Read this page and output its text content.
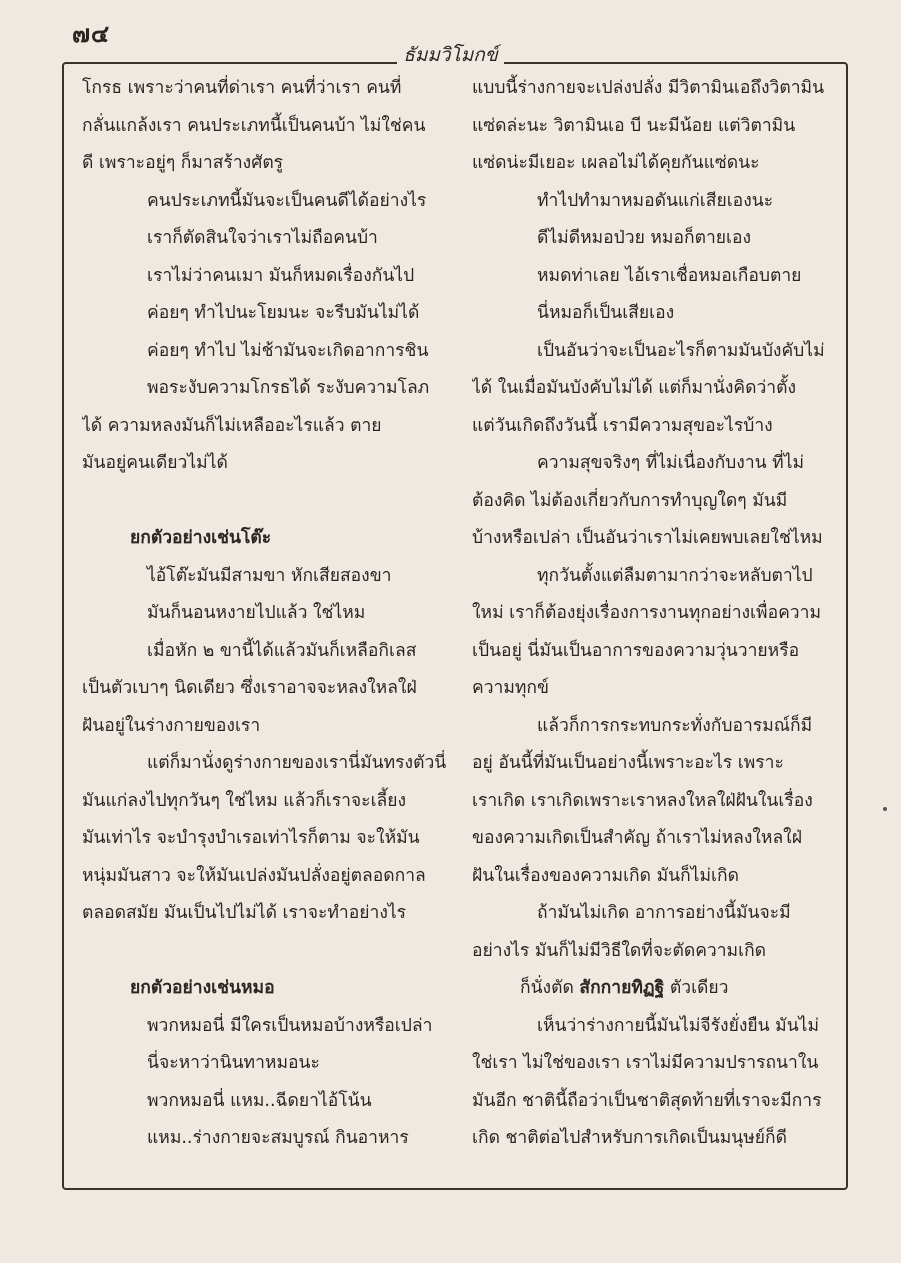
๗๔
ธัมมวิโมกข์
โกรธ เพราะว่าคนที่ด่าเรา คนที่ว่าเรา คนที่
กลั่นแกล้งเรา คนประเภทนี้เป็นคนบ้า ไม่ใช่คน
ดี เพราะอยู่ๆ ก็มาสร้างศัตรู
คนประเภทนี้มันจะเป็นคนดีได้อย่างไร
เราก็ตัดสินใจว่าเราไม่ถือคนบ้า
เราไม่ว่าคนเมา มันก็หมดเรื่องกันไป
ค่อยๆ ทำไปนะโยมนะ จะรีบมันไม่ได้
ค่อยๆ ทำไป ไม่ช้ามันจะเกิดอาการชิน
พอระงับความโกรธได้ ระงับความโลภ
ได้ ความหลงมันก็ไม่เหลืออะไรแล้ว ตาย
มันอยู่คนเดียวไม่ได้
ยกตัวอย่างเช่นโต๊ะ
ไอ้โต๊ะมันมีสามขา หักเสียสองขา
มันก็นอนหงายไปแล้ว ใช่ไหม
เมื่อหัก ๒ ขานี้ได้แล้วมันก็เหลือกิเลส
เป็นตัวเบาๆ นิดเดียว ซึ่งเราอาจจะหลงใหลใฝ่
ฝันอยู่ในร่างกายของเรา
แต่ก็มานั่งดูร่างกายของเรานี่มันทรงตัวนี่
มันแก่ลงไปทุกวันๆ ใช่ไหม แล้วก็เราจะเลี้ยง
มันเท่าไร จะบำรุงบำเรอเท่าไรก็ตาม จะให้มัน
หนุ่มมันสาว จะให้มันเปล่งมันปลั่งอยู่ตลอดกาล
ตลอดสมัย มันเป็นไปไม่ได้ เราจะทำอย่างไร
ยกตัวอย่างเช่นหมอ
พวกหมอนี่ มีใครเป็นหมอบ้างหรือเปล่า
นี่จะหาว่านินทาหมอนะ
พวกหมอนี่ แหม..ฉีดยาไอ้โน้น
แหม..ร่างกายจะสมบูรณ์ กินอาหาร
แบบนี้ร่างกายจะเปล่งปลั่ง มีวิตามินเอถึงวิตามิน
แซ่ดล่ะนะ วิตามินเอ บี นะมีน้อย แต่วิตามิน
แซ่ดน่ะมีเยอะ เผลอไม่ได้คุยกันแซ่ดนะ
ทำไปทำมาหมอดันแก่เสียเองนะ
ดีไม่ดีหมอป่วย หมอก็ตายเอง
หมดท่าเลย ไอ้เราเชื่อหมอเกือบตาย
นี่หมอก็เป็นเสียเอง
เป็นอันว่าจะเป็นอะไรก็ตามมันบังคับไม่
ได้ ในเมื่อมันบังคับไม่ได้ แต่ก็มานั่งคิดว่าตั้ง
แต่วันเกิดถึงวันนี้ เรามีความสุขอะไรบ้าง
ความสุขจริงๆ ที่ไม่เนื่องกับงาน ที่ไม่
ต้องคิด ไม่ต้องเกี่ยวกับการทำบุญใดๆ มันมี
บ้างหรือเปล่า เป็นอันว่าเราไม่เคยพบเลยใช่ไหม
ทุกวันตั้งแต่ลืมตามากว่าจะหลับตาไป
ใหม่ เราก็ต้องยุ่งเรื่องการงานทุกอย่างเพื่อความ
เป็นอยู่ นี่มันเป็นอาการของความวุ่นวายหรือ
ความทุกข์
แล้วก็การกระทบกระทั่งกับอารมณ์ก็มี
อยู่ อันนี้ที่มันเป็นอย่างนี้เพราะอะไร เพราะ
เราเกิด เราเกิดเพราะเราหลงใหลใฝ่ฝันในเรื่อง
ของความเกิดเป็นสำคัญ ถ้าเราไม่หลงใหลใฝ่
ฝันในเรื่องของความเกิด มันก็ไม่เกิด
ถ้ามันไม่เกิด อาการอย่างนี้มันจะมี
อย่างไร มันก็ไม่มีวิธีใดที่จะตัดความเกิด
ก็นั่งตัด สักกายทิฏฐิ ตัวเดียว
เห็นว่าร่างกายนี้มันไม่จีรังยั่งยืน มันไม่
ใช่เรา ไม่ใช่ของเรา เราไม่มีความปรารถนาใน
มันอีก ชาตินี้ถือว่าเป็นชาติสุดท้ายที่เราจะมีการ
เกิด ชาติต่อไปสำหรับการเกิดเป็นมนุษย์ก็ดี
